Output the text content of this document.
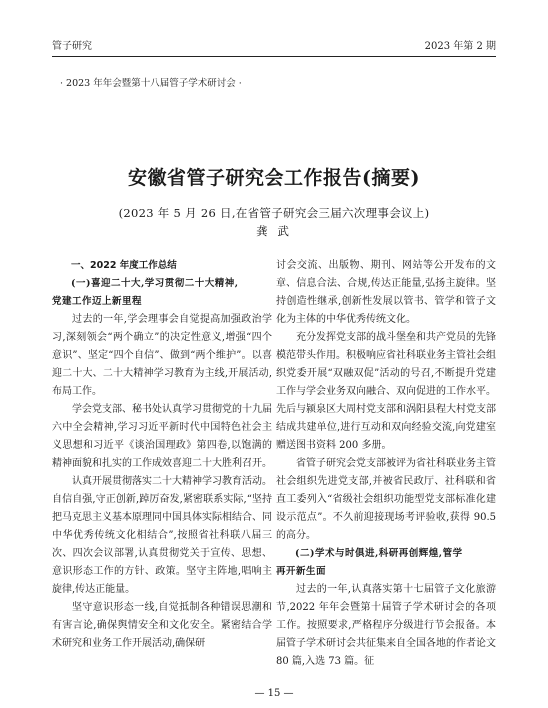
管子研究	2023 年第 2 期
· 2023 年年会暨第十八届管子学术研讨会 ·
安徽省管子研究会工作报告(摘要)
(2023 年 5 月 26 日,在省管子研究会三届六次理事会议上)
龚 武

一、2022 年度工作总结

(一)喜迎二十大,学习贯彻二十大精神,

党建工作迈上新里程

过去的一年,学会理事会自觉提高加强政治学习,深刻领会“两个确立”的决定性意义,增强“四个意识”、坚定“四个自信”、做到“两个维护”。以喜迎二十大、二十大精神学习教育为主线,开展活动,布局工作。

学会党支部、秘书处认真学习贯彻党的十九届六中全会精神,学习习近平新时代中国特色社会主义思想和习近平《谈治国理政》第四卷,以饱满的精神面貌和扎实的工作成效喜迎二十大胜利召开。

认真开展贯彻落实二十大精神学习教育活动。自信自强,守正创新,踔厉奋发,紧密联系实际,“坚持把马克思主义基本原理同中国具体实际相结合、同中华优秀传统文化相结合”,按照省社科联八届三次、四次会议部署,认真贯彻党关于宣传、思想、意识形态工作的方针、政策。坚守主阵地,唱响主旋律,传达正能量。

坚守意识形态一线,自觉抵制各种错误思潮和有害言论,确保舆情安全和文化安全。紧密结合学术研究和业务工作开展活动,确保研

讨会交流、出版物、期刊、网站等公开发布的文章、信息合法、合规,传达正能量,弘扬主旋律。坚持创造性继承,创新性发展以管书、管学和管子文化为主体的中华优秀传统文化。

充分发挥党支部的战斗堡垒和共产党员的先锋模范带头作用。积极响应省社科联业务主管社会组织党委开展“双融双促”活动的号召,不断提升党建工作与学会业务双向融合、双向促进的工作水平。先后与颍泉区大周村党支部和涡阳县程大村党支部结成共建单位,进行互动和双向经验交流,向党建室赠送图书资料 200 多册。

省管子研究会党支部被评为省社科联业务主管社会组织先进党支部,并被省民政厅、社科联和省直工委列入“省级社会组织功能型党支部标准化建设示范点”。不久前迎接现场考评验收,获得 90.5 的高分。

(二)学术与时俱进,科研再创辉煌,管学

再开新生面

过去的一年,认真落实第十七届管子文化旅游节,2022 年年会暨第十届管子学术研讨会的各项工作。按照要求,严格程序分级进行节会报备。本届管子学术研讨会共征集来自全国各地的作者论文 80 篇,入选 73 篇。征

— 15 —
